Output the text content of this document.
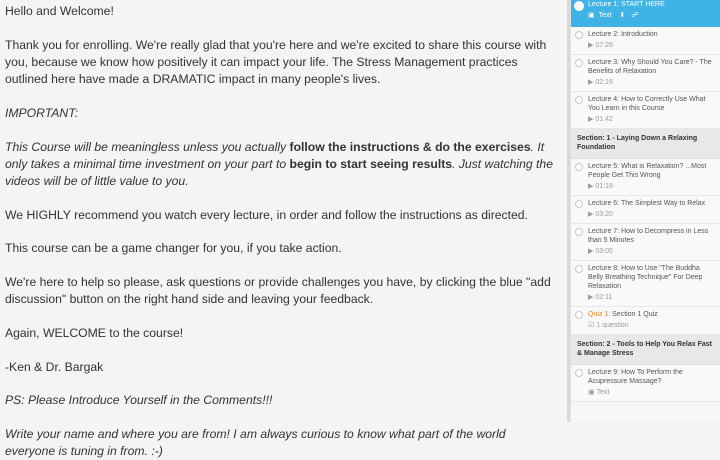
Hello and Welcome!

Thank you for enrolling. We're really glad that you're here and we're excited to share this course with you, because we know how positively it can impact your life. The Stress Management practices outlined here have made a DRAMATIC impact in many people's lives.

IMPORTANT:

This Course will be meaningless unless you actually follow the instructions & do the exercises. It only takes a minimal time investment on your part to begin to start seeing results. Just watching the videos will be of little value to you.

We HIGHLY recommend you watch every lecture, in order and follow the instructions as directed.

This course can be a game changer for you, if you take action.

We're here to help so please, ask questions or provide challenges you have, by clicking the blue "add discussion" button on the right hand side and leaving your feedback.

Again, WELCOME to the course!

-Ken & Dr. Bargak

PS: Please Introduce Yourself in the Comments!!!

Write your name and where you are from! I am always curious to know what part of the world everyone is tuning in from. :-)

Lecture 1: START HERE
▣ Text ⬇ ☍
Lecture 2: Introduction
▶ 07:26
Lecture 3: Why Should You Care? - The Benefits of Relaxation
▶ 02:16
Lecture 4: How to Correctly Use What You Learn in this Course
▶ 01:42
Section: 1 - Laying Down a Relaxing Foundation
Lecture 5: What is Relaxation? ...Most People Get This Wrong
▶ 01:18
Lecture 6: The Simplest Way to Relax
▶ 03:20
Lecture 7: How to Decompress in Less than 5 Minutes
▶ 03:05
Lecture 8: How to Use "The Buddha Belly Breathing Technique" For Deep Relaxation
▶ 02:11
Quiz 1: Section 1 Quiz
☑ 1 question
Section: 2 - Tools to Help You Relax Fast & Manage Stress
Lecture 9: How To Perform the Acupressure Massage?
▣ Text
